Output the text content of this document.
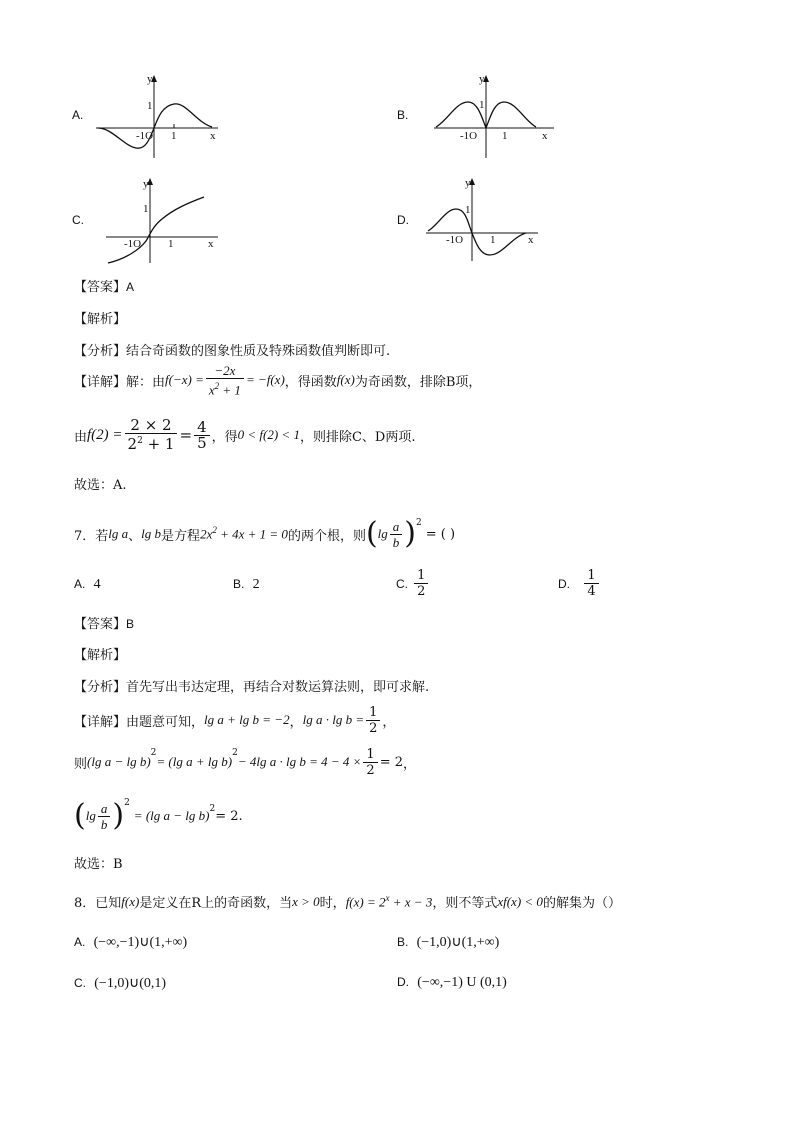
A.
y
x
1
-1O 1
B.
y
x
1
-1O 1
C.
y
x
1
-1O 1
D.
y
x
1
-1O 1
【答案】A
【解析】
【分析】结合奇函数的图象性质及特殊函数值判断即可.
【详解】 解：由 $f(-x) = \frac{-2x}{x^2 + 1} = -f(x)$ ，得函数 f(x) 为奇函数，排除B项，
由 $f(2) = \frac{2 \times 2}{2^2 + 1} = \frac{4}{5}$ ，得 0 < f(2) < 1 ，则排除C、D两项.
故选：A.
7．若 lg a 、 lg b 是方程 $2x^2 + 4x + 1 = 0$ 的两个根，则 ( $\lg \frac{a}{b} )^2$
= ( )
A. 4	B. 2	C.
$\frac{1}{2}$	D.
$\frac{1}{4}$
【答案】B
【解析】
【分析】首先写出韦达定理，再结合对数运算法则，即可求解.
【详解】 由题意可知， lg a + lg b = −2 ， $\lg a \cdot \lg b = \frac{1}{2}$ ，
则 (lg a − lg b)
$^2$
= (lg a + lg b)
$^2$
− 4lg $a \cdot \lg b = 4 - 4 \times \frac{1}{2} = 2$ ，
( $\lg \frac{a}{b} )^2$
= (lg a − lg b)$^2$ = 2 .
故选：B
8．已知 f(x) 是定义在R上的奇函数，当 x > 0 时， $f(x) = 2^x + x - 3$ ，则不等式 xf(x) < 0 的解集为（）
A. (−∞,−1)∪(1,+∞)	B. (−1,0)∪(1,+∞)
C. (−1,0)∪(0,1)	D. (−∞,−1) U (0,1)
